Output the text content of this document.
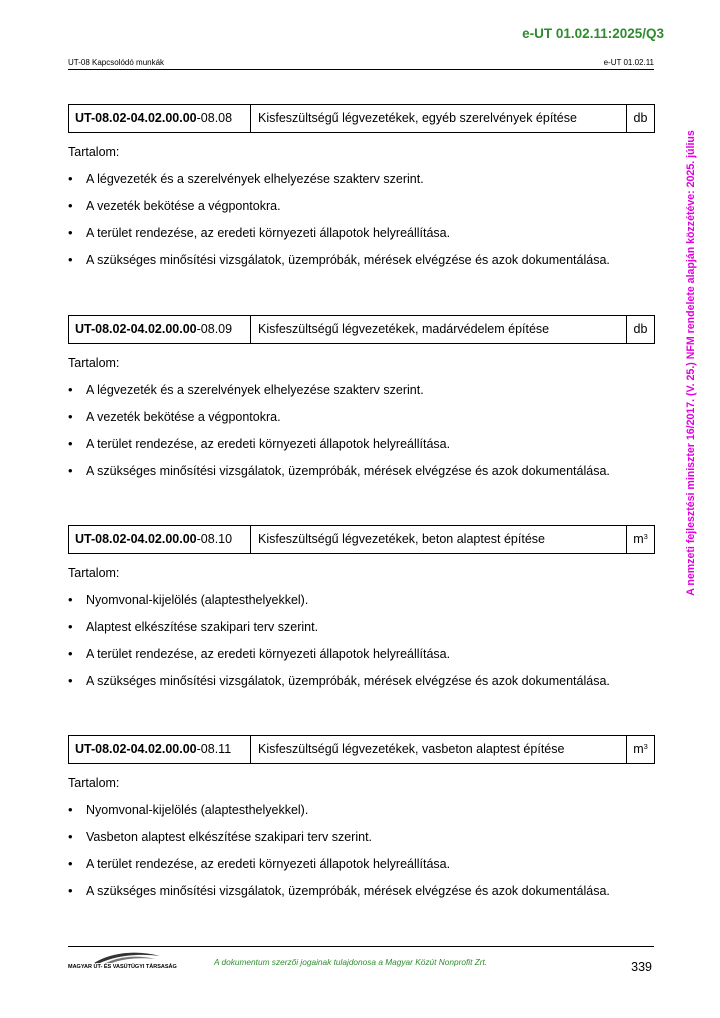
e-UT 01.02.11:2025/Q3
UT-08 Kapcsolódó munkák	e-UT 01.02.11
A nemzeti fejlesztési miniszter 16/2017. (V. 25.) NFM rendelete alapján közzétéve: 2025. július
UT-08.02-04.02.00.00-08.08	Kisfeszültségű légvezetékek, egyéb szerelvények építése	db
Tartalom:
• A légvezeték és a szerelvények elhelyezése szakterv szerint.
• A vezeték bekötése a végpontokra.
• A terület rendezése, az eredeti környezeti állapotok helyreállítása.
• A szükséges minősítési vizsgálatok, üzempróbák, mérések elvégzése és azok dokumentálása.
UT-08.02-04.02.00.00-08.09	Kisfeszültségű légvezetékek, madárvédelem építése	db
Tartalom:
• A légvezeték és a szerelvények elhelyezése szakterv szerint.
• A vezeték bekötése a végpontokra.
• A terület rendezése, az eredeti környezeti állapotok helyreállítása.
• A szükséges minősítési vizsgálatok, üzempróbák, mérések elvégzése és azok dokumentálása.
UT-08.02-04.02.00.00-08.10	Kisfeszültségű légvezetékek, beton alaptest építése	$m^3$
Tartalom:
• Nyomvonal-kijelölés (alaptesthelyekkel).
• Alaptest elkészítése szakipari terv szerint.
• A terület rendezése, az eredeti környezeti állapotok helyreállítása.
• A szükséges minősítési vizsgálatok, üzempróbák, mérések elvégzése és azok dokumentálása.
UT-08.02-04.02.00.00-08.11	Kisfeszültségű légvezetékek, vasbeton alaptest építése	$m^3$
Tartalom:
• Nyomvonal-kijelölés (alaptesthelyekkel).
• Vasbeton alaptest elkészítése szakipari terv szerint.
• A terület rendezése, az eredeti környezeti állapotok helyreállítása.
• A szükséges minősítési vizsgálatok, üzempróbák, mérések elvégzése és azok dokumentálása.
MAGYAR ÚT- ÉS VASÚTÜGYI TÁRSASÁG	A dokumentum szerzői jogainak tulajdonosa a Magyar Közút Nonprofit Zrt.	339
